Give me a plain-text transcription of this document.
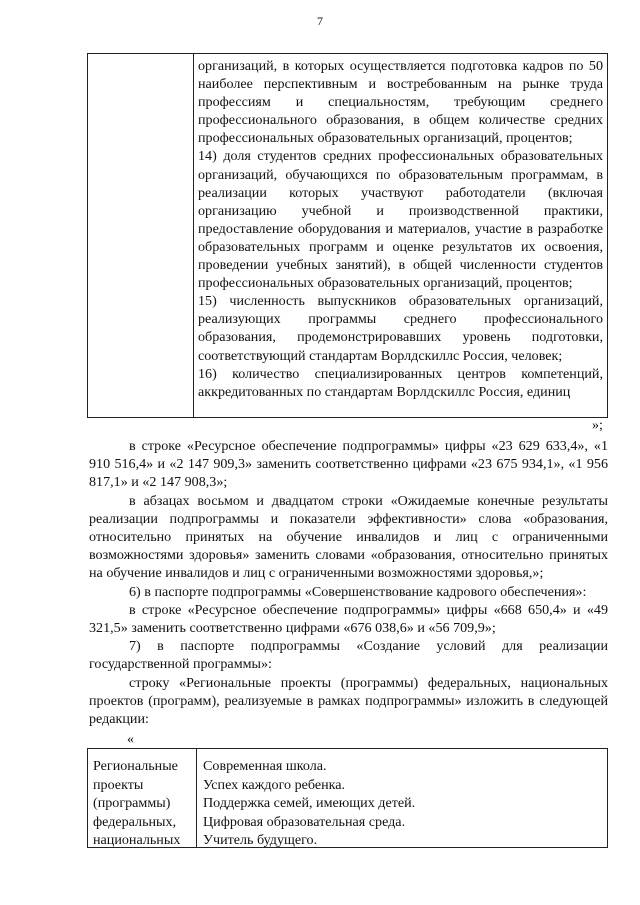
7

организаций, в которых осуществляется подготовка кадров по 50 наиболее перспективным и востребованным на рынке труда профессиям и специальностям, требующим среднего профессионального образования, в общем количестве средних профессиональных образовательных организаций, процентов;

14) доля студентов средних профессиональных образовательных организаций, обучающихся по образовательным программам, в реализации которых участвуют работодатели (включая организацию учебной и производственной практики, предоставление оборудования и материалов, участие в разработке образовательных программ и оценке результатов их освоения, проведении учебных занятий), в общей численности студентов профессиональных образовательных организаций, процентов;

15) численность выпускников образовательных организаций, реализующих программы среднего профессионального образования, продемонстрировавших уровень подготовки, соответствующий стандартам Ворлдскиллс Россия, человек;

16) количество специализированных центров компетенций, аккредитованных по стандартам Ворлдскиллс Россия, единиц

»;

в строке «Ресурсное обеспечение подпрограммы» цифры «23 629 633,4», «1 910 516,4» и «2 147 909,3» заменить соответственно цифрами «23 675 934,1», «1 956 817,1» и «2 147 908,3»;

в абзацах восьмом и двадцатом строки «Ожидаемые конечные результаты реализации подпрограммы и показатели эффективности» слова «образования, относительно принятых на обучение инвалидов и лиц с ограниченными возможностями здоровья» заменить словами «образования, относительно принятых на обучение инвалидов и лиц с ограниченными возможностями здоровья,»;

6) в паспорте подпрограммы «Совершенствование кадрового обеспечения»:

в строке «Ресурсное обеспечение подпрограммы» цифры «668 650,4» и «49 321,5» заменить соответственно цифрами «676 038,6» и «56 709,9»;

7) в паспорте подпрограммы «Создание условий для реализации государственной программы»:

строку «Региональные проекты (программы) федеральных, национальных проектов (программ), реализуемые в рамках подпрограммы» изложить в следующей редакции:

«
Региональные
проекты
(программы)
федеральных,
национальных
Современная школа.
Успех каждого ребенка.
Поддержка семей, имеющих детей.
Цифровая образовательная среда.
Учитель будущего.
